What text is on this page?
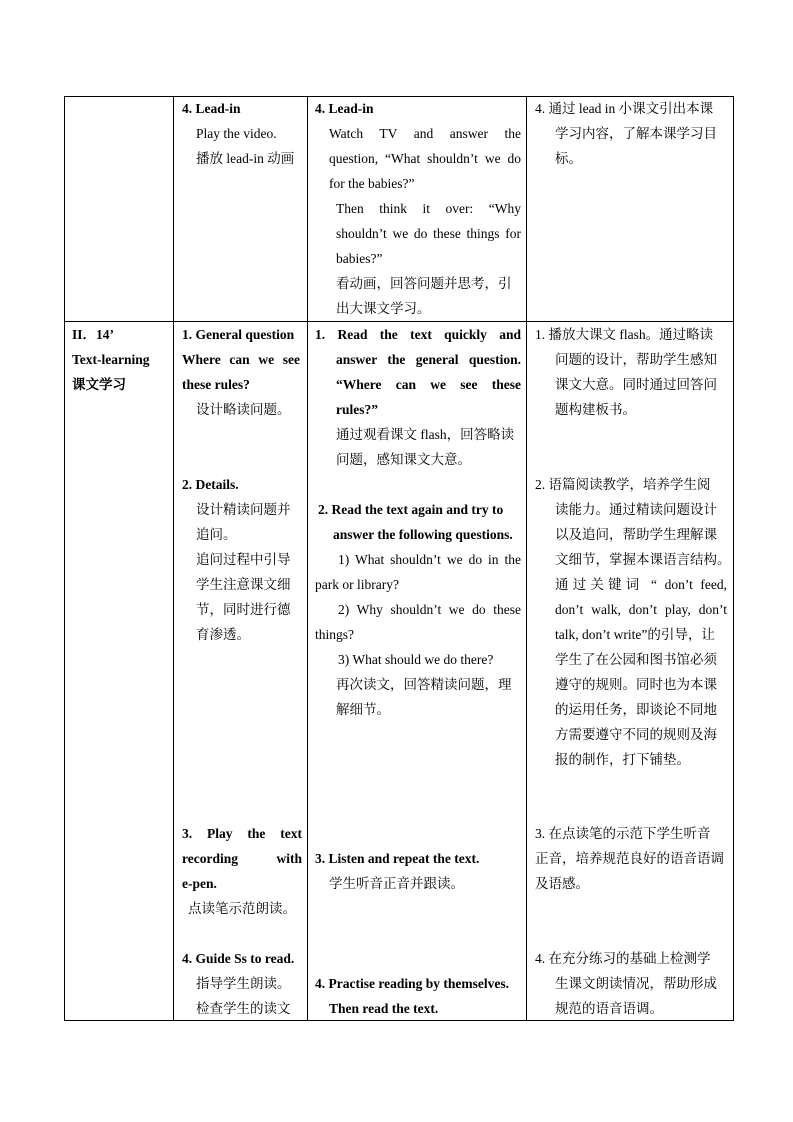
4. Lead-in
Play the video.
播放 lead-in 动画
4. Lead-in
Watch TV and answer the
question, “What shouldn’t we do
for the babies?”
Then think it over: “Why
shouldn’t we do these things for
babies?”
看动画，回答问题并思考，引
出大课文学习。
4. 通过 lead in 小课文引出本课
学习内容，了解本课学习目
标。
II．14’
Text-learning
课文学习
1. General question
Where can we see
these rules?
设计略读问题。
2. Details.
设计精读问题并
追问。
追问过程中引导
学生注意课文细
节，同时进行德
育渗透。
3. Play the text
recording with
e-pen.
点读笔示范朗读。
4. Guide Ss to read.
指导学生朗读。
检查学生的读文
1. Read the text quickly and
answer the general question.
“Where can we see these
rules?”
通过观看课文 flash，回答略读
问题，感知课文大意。
2. Read the text again and try to
answer the following questions.
1) What shouldn’t we do in the
park or library?
2) Why shouldn’t we do these
things?
3) What should we do there?
再次读文，回答精读问题，理
解细节。
3. Listen and repeat the text.
学生听音正音并跟读。
4. Practise reading by themselves.
Then read the text.
1. 播放大课文 flash。通过略读
问题的设计，帮助学生感知
课文大意。同时通过回答问
题构建板书。
2. 语篇阅读教学，培养学生阅
读能力。通过精读问题设计
以及追问，帮助学生理解课
文细节，掌握本课语言结构。
通过关键词 “ don’t feed,
don’t walk, don’t play, don’t
talk, don’t write”的引导，让
学生了在公园和图书馆必须
遵守的规则。同时也为本课
的运用任务，即谈论不同地
方需要遵守不同的规则及海
报的制作，打下铺垫。
3. 在点读笔的示范下学生听音
正音，培养规范良好的语音语调
及语感。
4. 在充分练习的基础上检测学
生课文朗读情况，帮助形成
规范的语音语调。
